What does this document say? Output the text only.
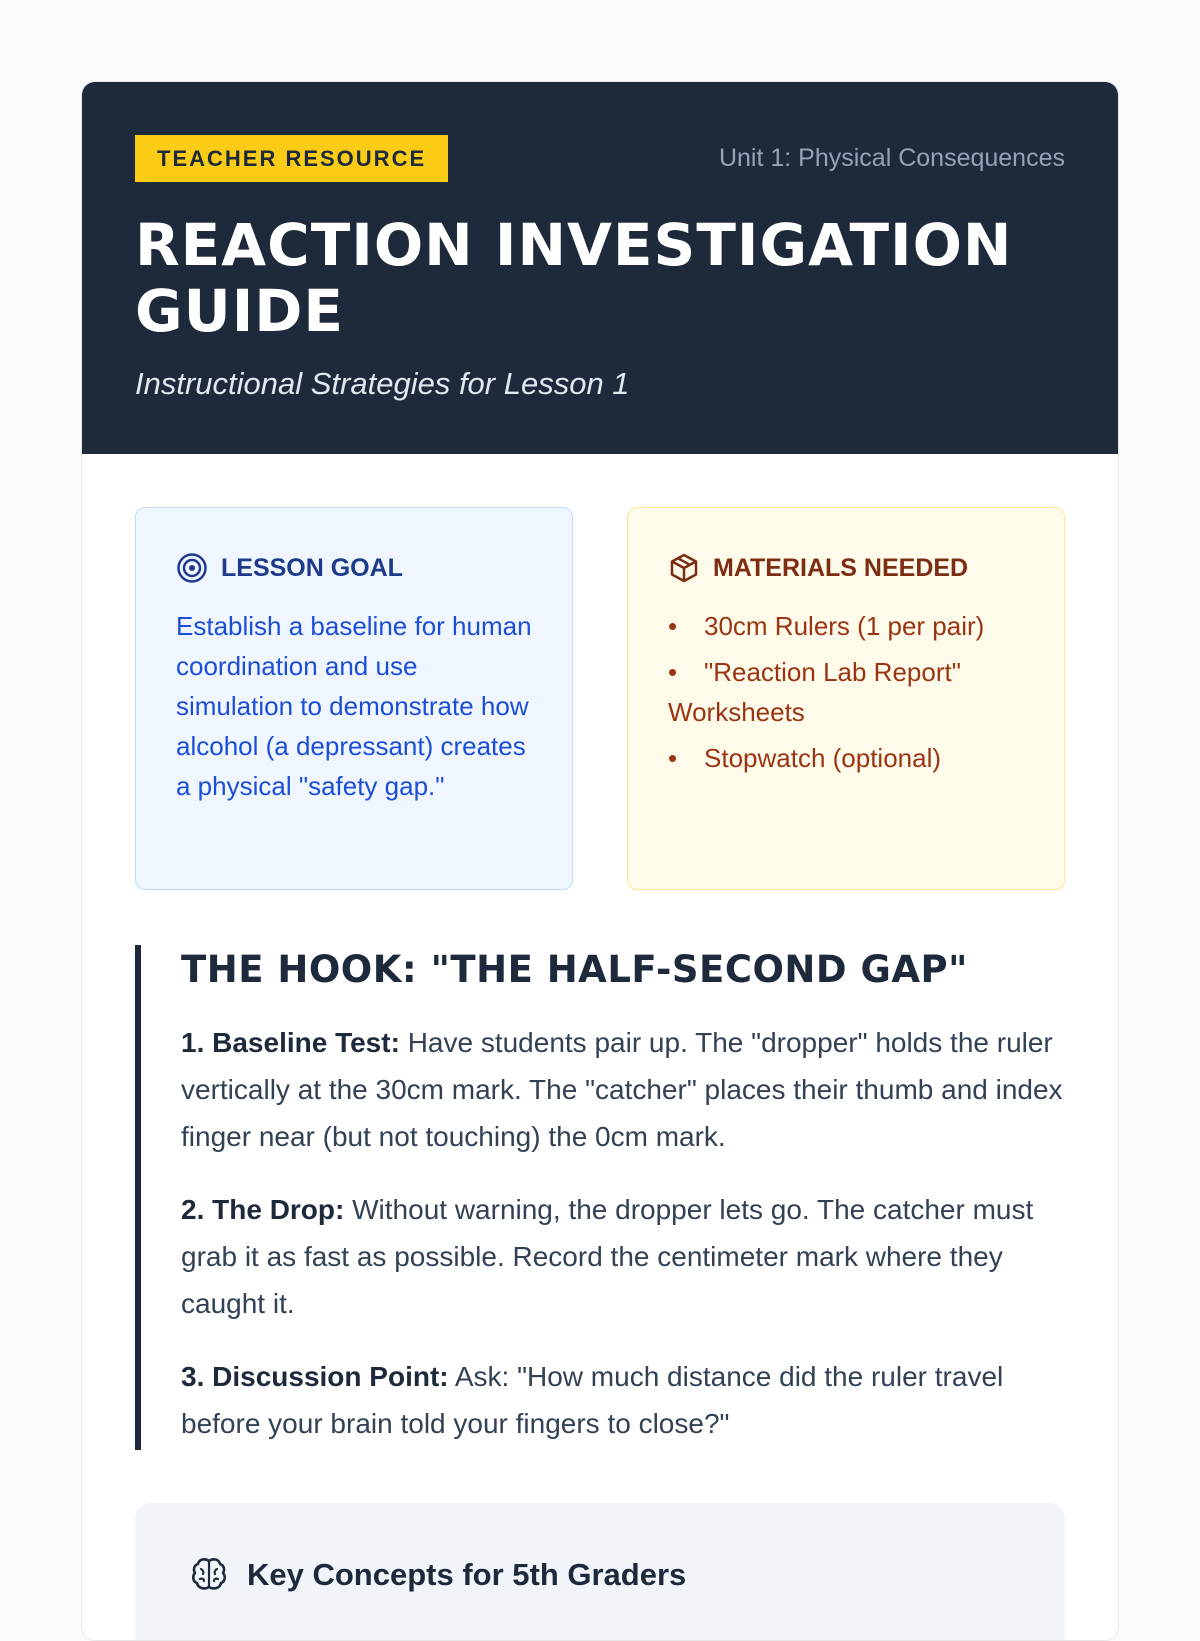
TEACHER RESOURCE	Unit 1: Physical Consequences
REACTION INVESTIGATION GUIDE
Instructional Strategies for Lesson 1
LESSON GOAL
Establish a baseline for human coordination and use simulation to demonstrate how alcohol (a depressant) creates a physical "safety gap."
MATERIALS NEEDED
• 30cm Rulers (1 per pair)
• "Reaction Lab Report" Worksheets
• Stopwatch (optional)
THE HOOK: "THE HALF-SECOND GAP"

1. Baseline Test: Have students pair up. The "dropper" holds the ruler vertically at the 30cm mark. The "catcher" places their thumb and index finger near (but not touching) the 0cm mark.

2. The Drop: Without warning, the dropper lets go. The catcher must grab it as fast as possible. Record the centimeter mark where they caught it.

3. Discussion Point: Ask: "How much distance did the ruler travel before your brain told your fingers to close?"

Key Concepts for 5th Graders
